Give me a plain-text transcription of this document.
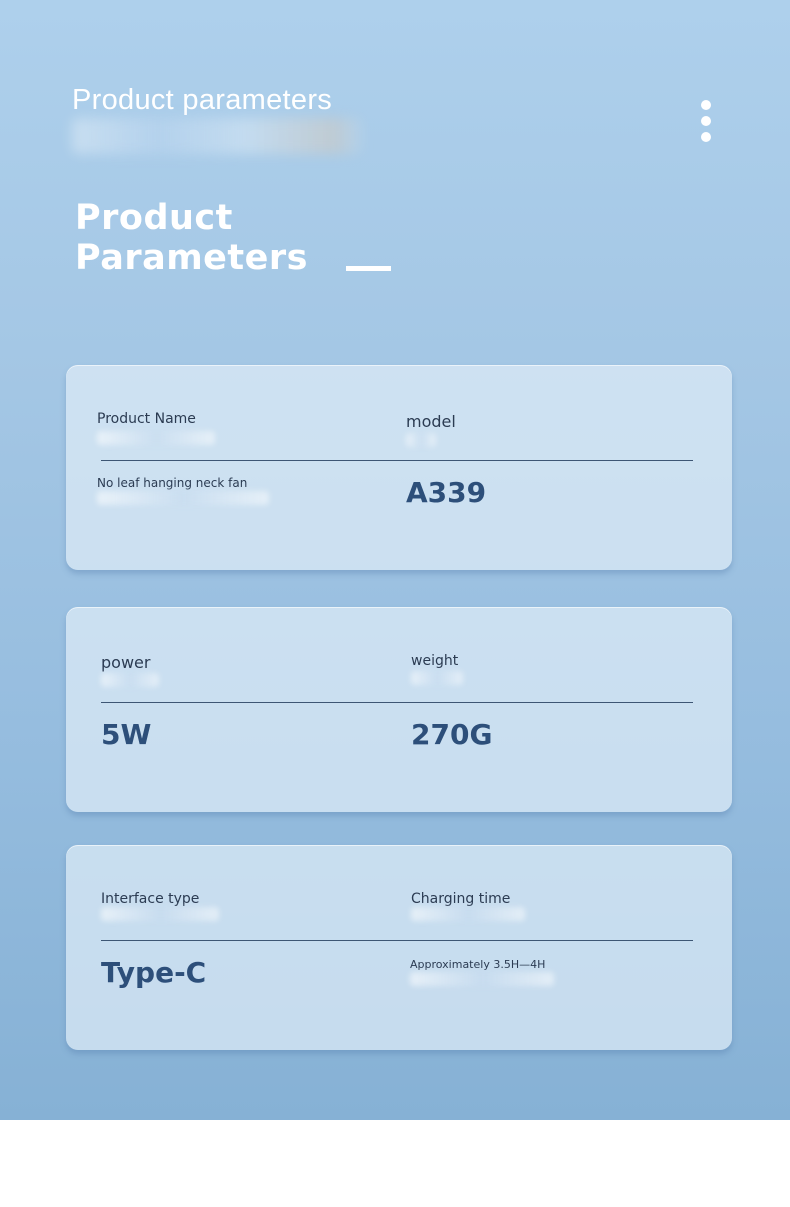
Product parameters
Product
Parameters
Product Name	model
No leaf hanging neck fan	A339
power	weight
5W	270G
Interface type	Charging time
Type-C	Approximately 3.5H—4H
